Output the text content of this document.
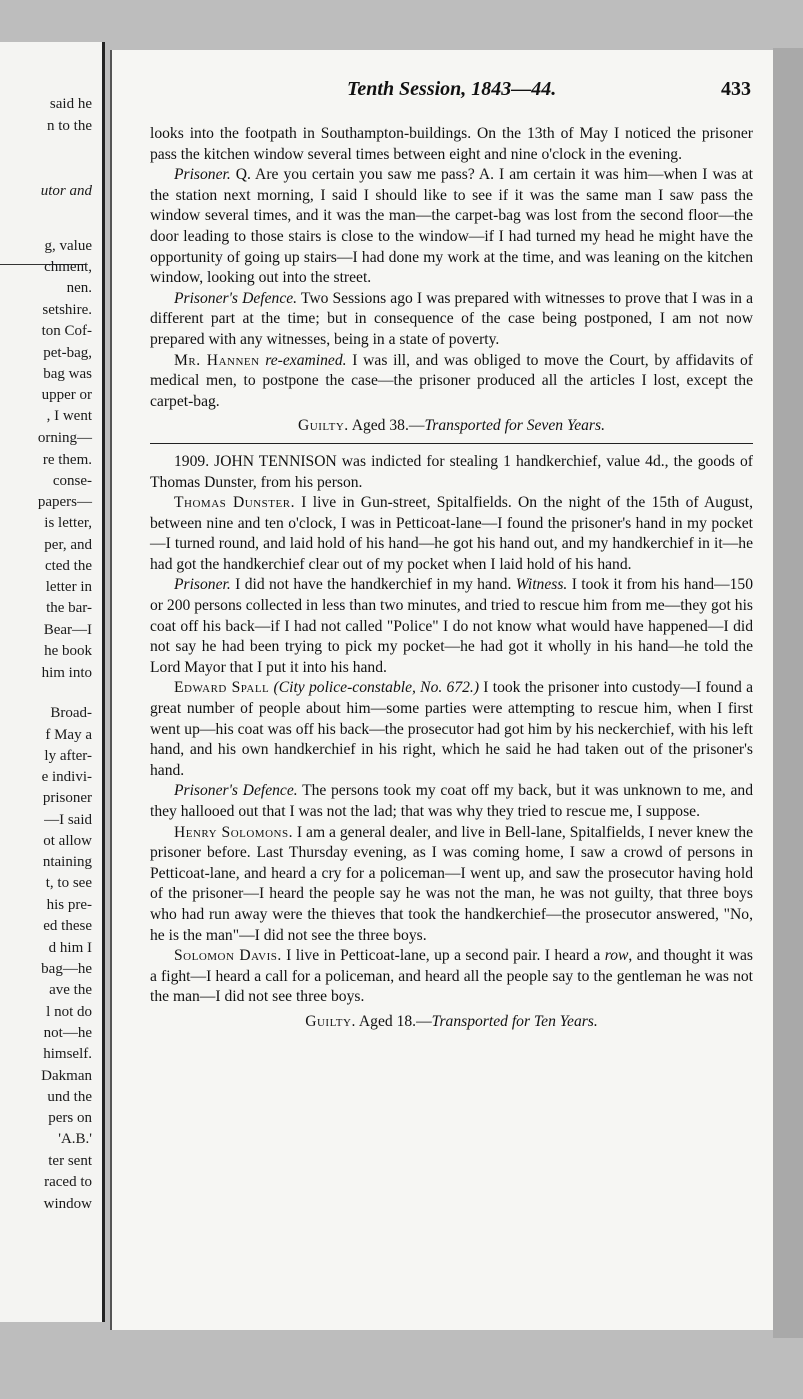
said he
n to the
utor and
g, value
chment,
nen.
setshire.
ton Cof-
pet-bag,
bag was
upper or
, I went
orning—
re them.
conse-
papers—
is letter,
per, and
cted the
letter in
the bar-
Bear—I
he book
him into
Broad-
f May a
ly after-
e indivi-
prisoner
—I said
ot allow
ntaining
t, to see
his pre-
ed these
d him I
bag—he
ave the
l not do
not—he
himself.
Dakman
und the
pers on
'A.B.'
ter sent
raced to
window
Tenth Session, 1843—44.	433

looks into the footpath in Southampton-buildings. On the 13th of May I noticed the prisoner pass the kitchen window several times between eight and nine o'clock in the evening.

Prisoner. Q. Are you certain you saw me pass? A. I am certain it was him—when I was at the station next morning, I said I should like to see if it was the same man I saw pass the window several times, and it was the man—the carpet-bag was lost from the second floor—the door leading to those stairs is close to the window—if I had turned my head he might have the opportunity of going up stairs—I had done my work at the time, and was leaning on the kitchen window, looking out into the street.

Prisoner's Defence. Two Sessions ago I was prepared with witnesses to prove that I was in a different part at the time; but in consequence of the case being postponed, I am not now prepared with any witnesses, being in a state of poverty.

Mr. Hannen re-examined. I was ill, and was obliged to move the Court, by affidavits of medical men, to postpone the case—the prisoner produced all the articles I lost, except the carpet-bag.

Guilty. Aged 38.—Transported for Seven Years.

1909. JOHN TENNISON was indicted for stealing 1 handkerchief, value 4d., the goods of Thomas Dunster, from his person.

Thomas Dunster. I live in Gun-street, Spitalfields. On the night of the 15th of August, between nine and ten o'clock, I was in Petticoat-lane—I found the prisoner's hand in my pocket—I turned round, and laid hold of his hand—he got his hand out, and my handkerchief in it—he had got the handkerchief clear out of my pocket when I laid hold of his hand.

Prisoner. I did not have the handkerchief in my hand. Witness. I took it from his hand—150 or 200 persons collected in less than two minutes, and tried to rescue him from me—they got his coat off his back—if I had not called "Police" I do not know what would have happened—I did not say he had been trying to pick my pocket—he had got it wholly in his hand—he told the Lord Mayor that I put it into his hand.

Edward Spall (City police-constable, No. 672.) I took the prisoner into custody—I found a great number of people about him—some parties were attempting to rescue him, when I first went up—his coat was off his back—the prosecutor had got him by his neckerchief, with his left hand, and his own handkerchief in his right, which he said he had taken out of the prisoner's hand.

Prisoner's Defence. The persons took my coat off my back, but it was unknown to me, and they hallooed out that I was not the lad; that was why they tried to rescue me, I suppose.

Henry Solomons. I am a general dealer, and live in Bell-lane, Spitalfields, I never knew the prisoner before. Last Thursday evening, as I was coming home, I saw a crowd of persons in Petticoat-lane, and heard a cry for a policeman—I went up, and saw the prosecutor having hold of the prisoner—I heard the people say he was not the man, he was not guilty, that three boys who had run away were the thieves that took the handkerchief—the prosecutor answered, "No, he is the man"—I did not see the three boys.

Solomon Davis. I live in Petticoat-lane, up a second pair. I heard a row, and thought it was a fight—I heard a call for a policeman, and heard all the people say to the gentleman he was not the man—I did not see three boys.

Guilty. Aged 18.—Transported for Ten Years.
